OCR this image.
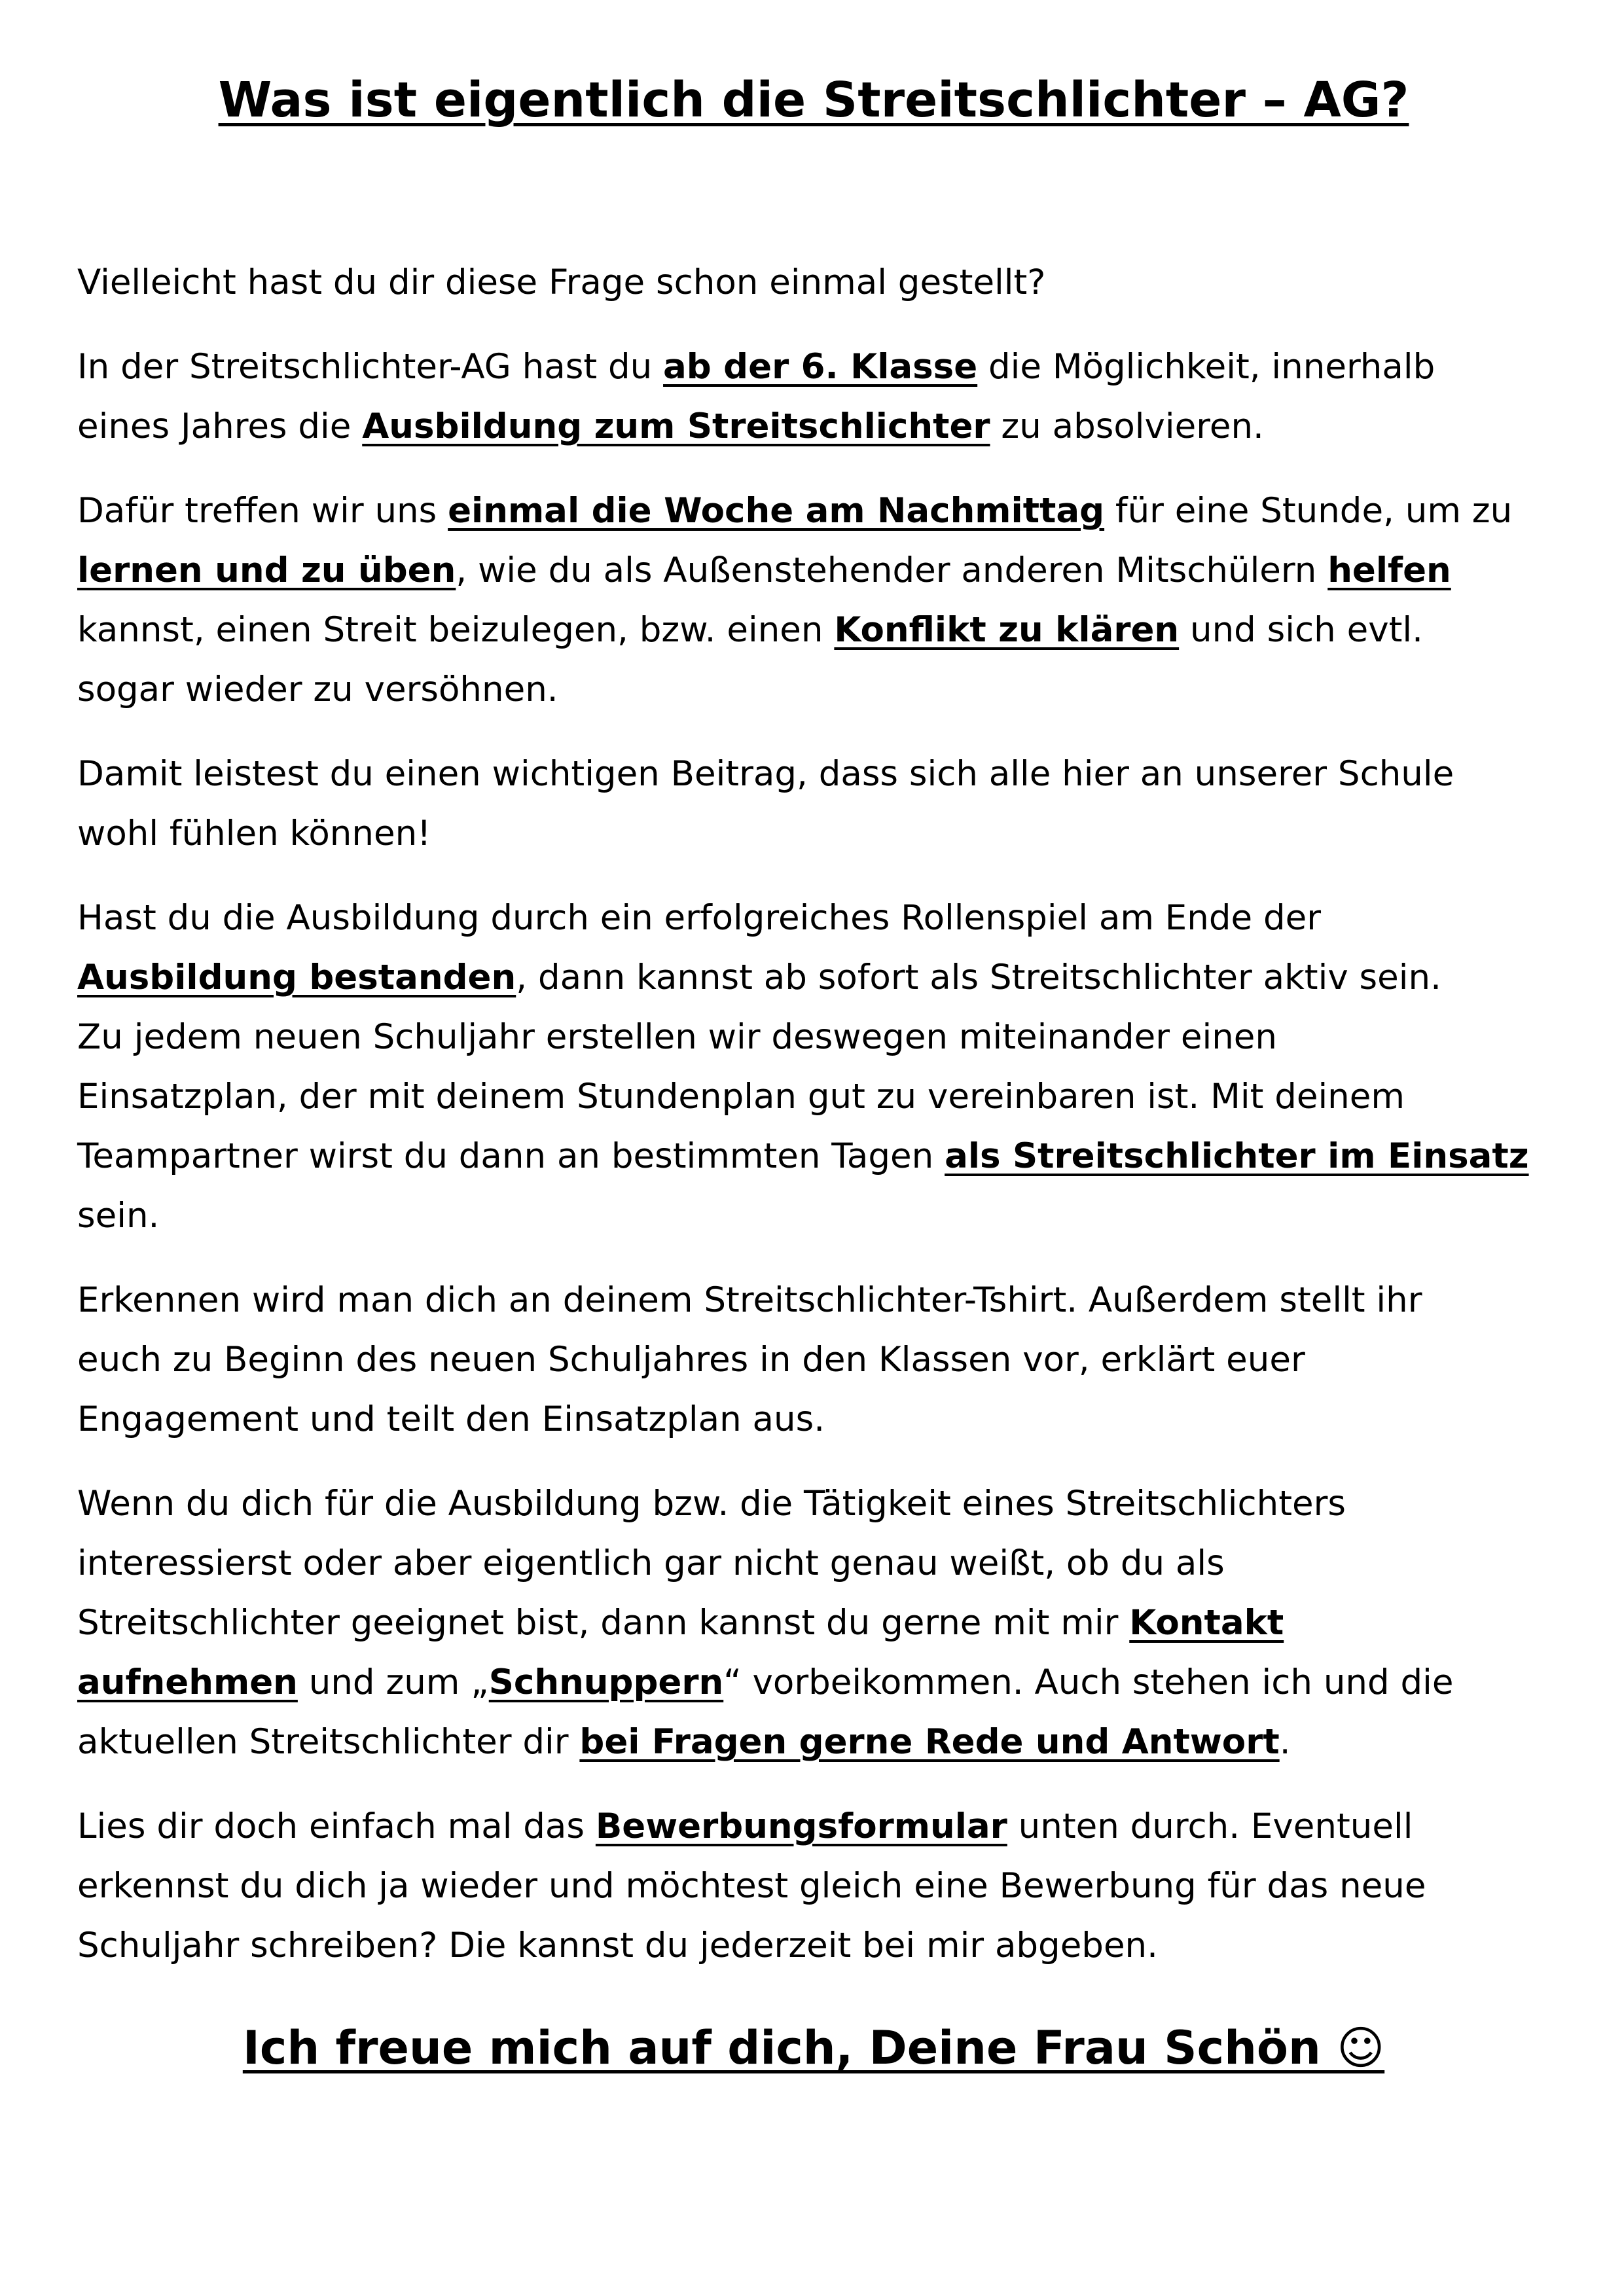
Was ist eigentlich die Streitschlichter – AG?

Vielleicht hast du dir diese Frage schon einmal gestellt?

In der Streitschlichter-AG hast du ab der 6. Klasse die Möglichkeit, innerhalb
eines Jahres die Ausbildung zum Streitschlichter zu absolvieren.

Dafür treffen wir uns einmal die Woche am Nachmittag für eine Stunde, um zu
lernen und zu üben, wie du als Außenstehender anderen Mitschülern helfen
kannst, einen Streit beizulegen, bzw. einen Konflikt zu klären und sich evtl.
sogar wieder zu versöhnen.

Damit leistest du einen wichtigen Beitrag, dass sich alle hier an unserer Schule
wohl fühlen können!

Hast du die Ausbildung durch ein erfolgreiches Rollenspiel am Ende der
Ausbildung bestanden, dann kannst ab sofort als Streitschlichter aktiv sein.
Zu jedem neuen Schuljahr erstellen wir deswegen miteinander einen
Einsatzplan, der mit deinem Stundenplan gut zu vereinbaren ist. Mit deinem
Teampartner wirst du dann an bestimmten Tagen als Streitschlichter im Einsatz
sein.

Erkennen wird man dich an deinem Streitschlichter-Tshirt. Außerdem stellt ihr
euch zu Beginn des neuen Schuljahres in den Klassen vor, erklärt euer
Engagement und teilt den Einsatzplan aus.

Wenn du dich für die Ausbildung bzw. die Tätigkeit eines Streitschlichters
interessierst oder aber eigentlich gar nicht genau weißt, ob du als
Streitschlichter geeignet bist, dann kannst du gerne mit mir Kontakt
aufnehmen und zum „Schnuppern“ vorbeikommen. Auch stehen ich und die
aktuellen Streitschlichter dir bei Fragen gerne Rede und Antwort.

Lies dir doch einfach mal das Bewerbungsformular unten durch. Eventuell
erkennst du dich ja wieder und möchtest gleich eine Bewerbung für das neue
Schuljahr schreiben? Die kannst du jederzeit bei mir abgeben.

Ich freue mich auf dich, Deine Frau Schön ☺
